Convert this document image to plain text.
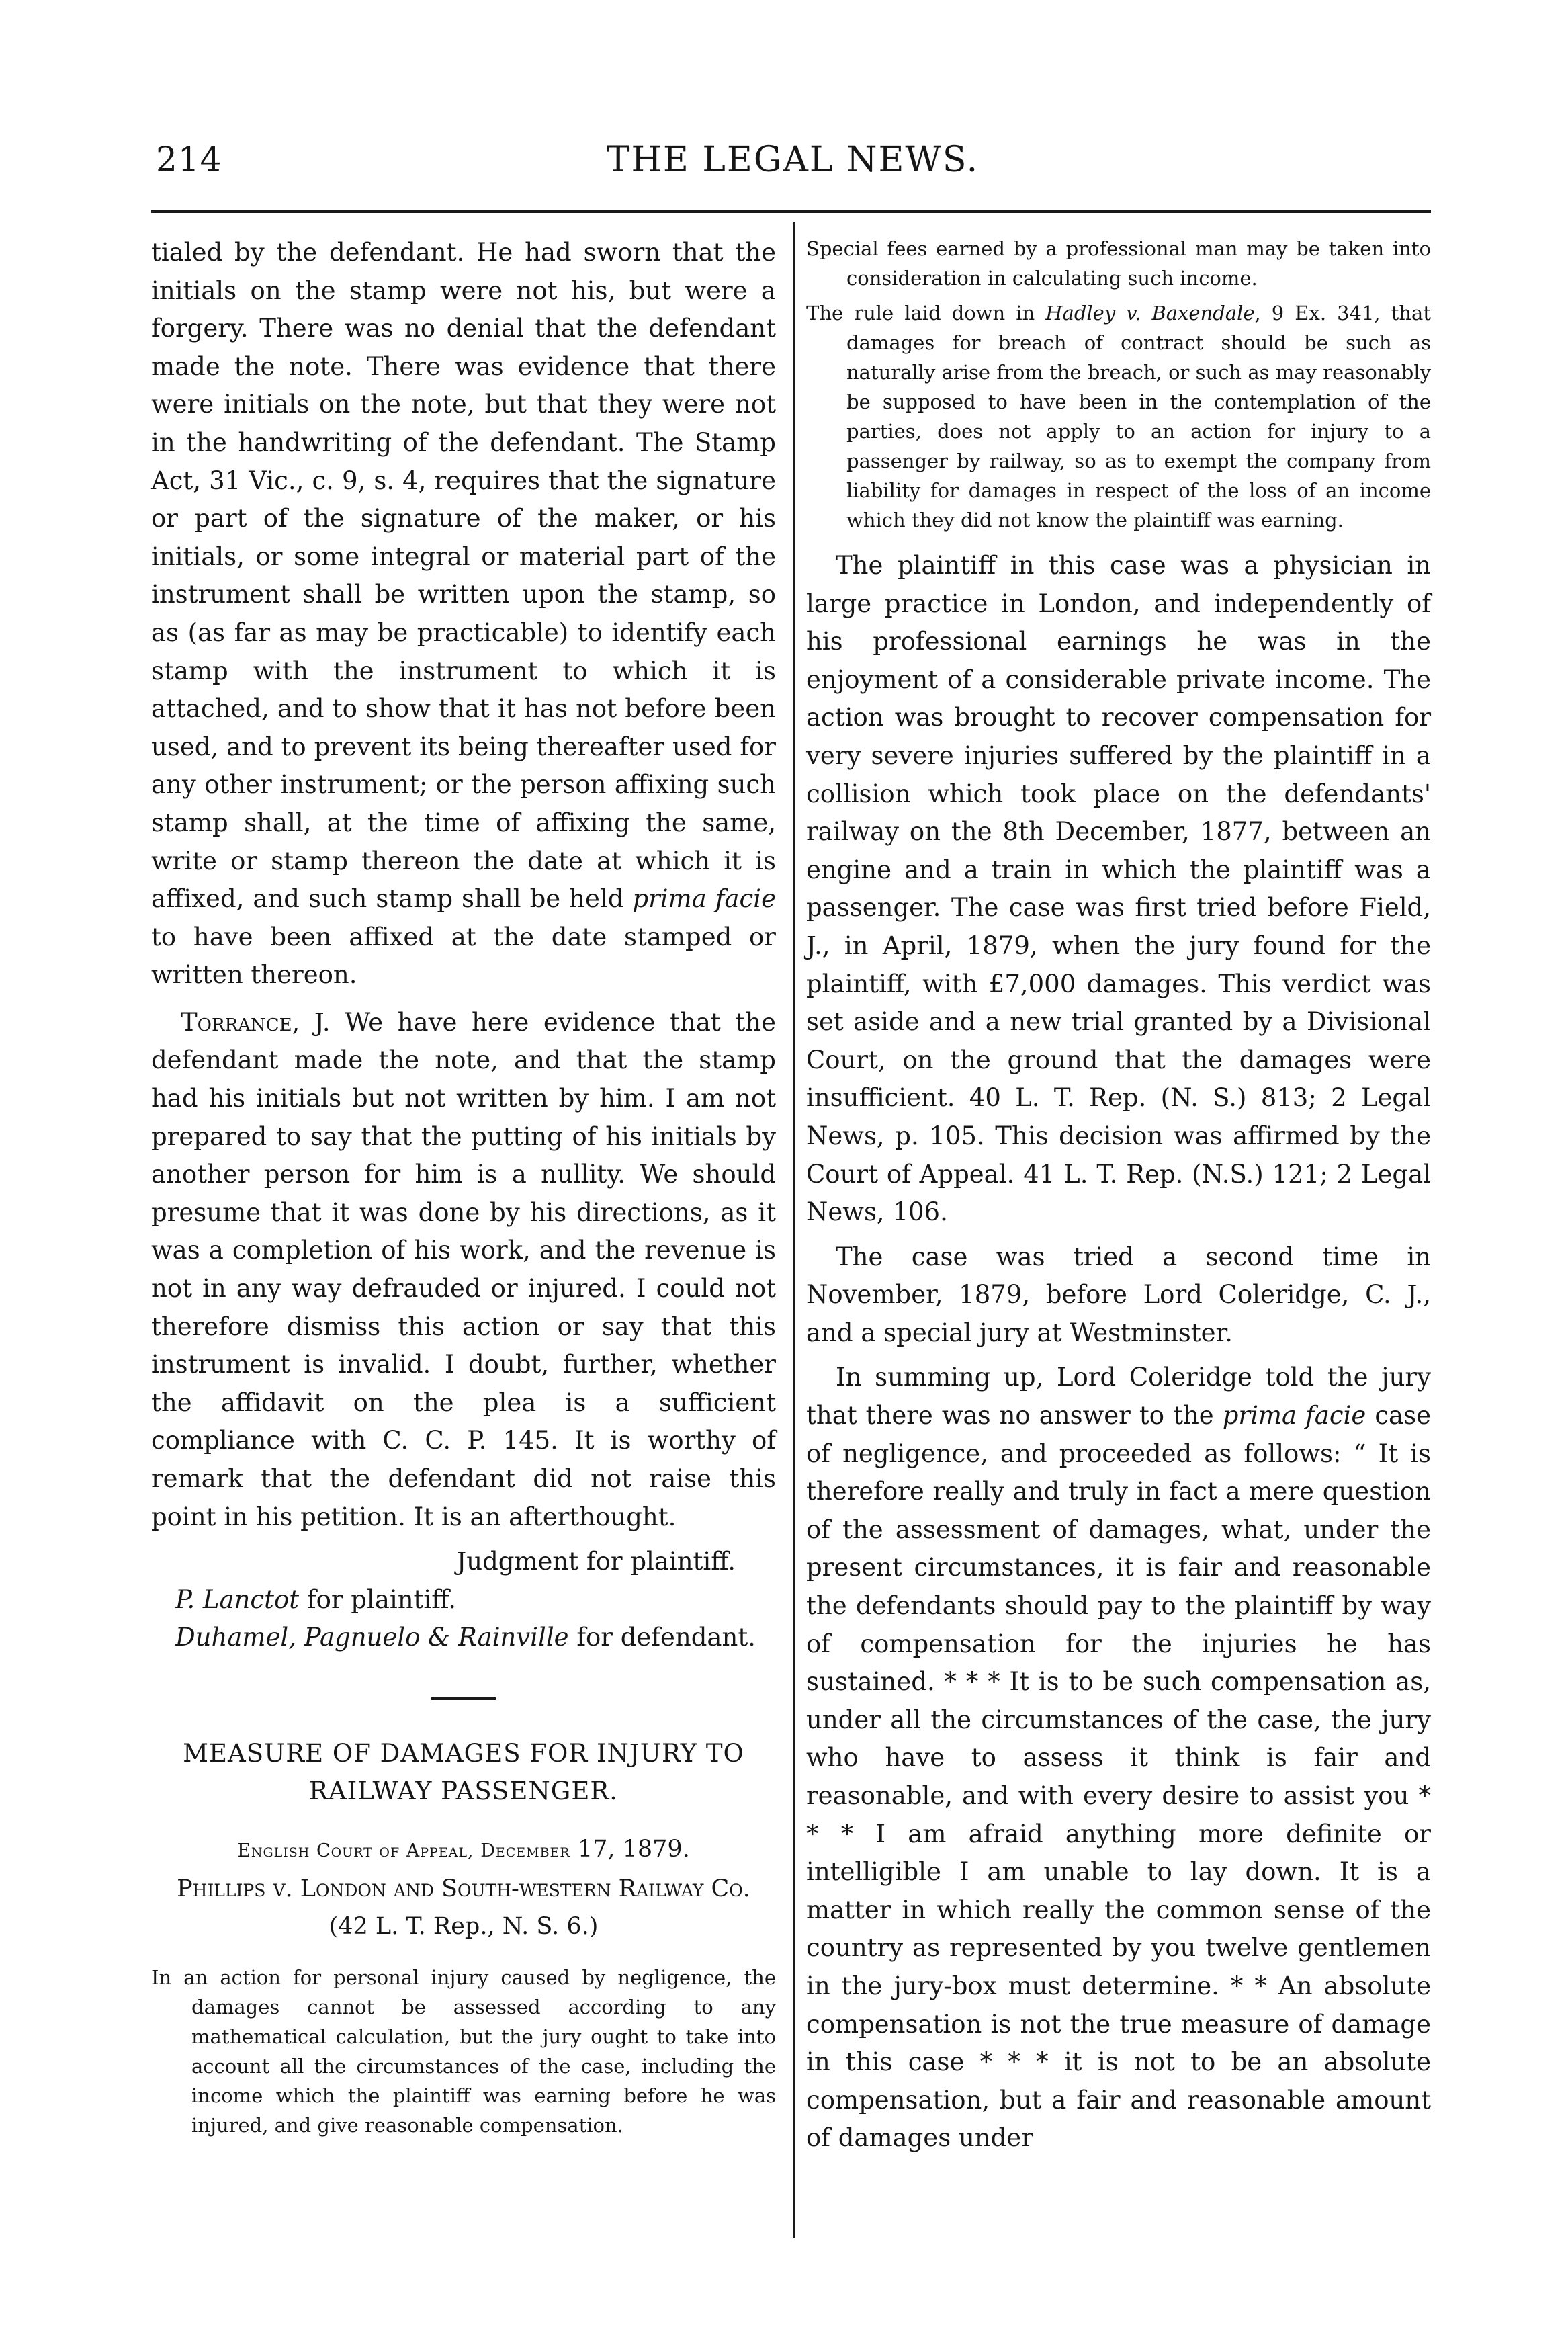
214	THE LEGAL NEWS.

tialed by the defendant. He had sworn that the initials on the stamp were not his, but were a forgery. There was no denial that the defendant made the note. There was evidence that there were initials on the note, but that they were not in the handwriting of the defendant. The Stamp Act, 31 Vic., c. 9, s. 4, requires that the signature or part of the signature of the maker, or his initials, or some integral or material part of the instrument shall be written upon the stamp, so as (as far as may be practicable) to identify each stamp with the instrument to which it is attached, and to show that it has not before been used, and to prevent its being thereafter used for any other instrument; or the person affixing such stamp shall, at the time of affixing the same, write or stamp thereon the date at which it is affixed, and such stamp shall be held prima facie to have been affixed at the date stamped or written thereon.

Torrance, J. We have here evidence that the defendant made the note, and that the stamp had his initials but not written by him. I am not prepared to say that the putting of his initials by another person for him is a nullity. We should presume that it was done by his directions, as it was a completion of his work, and the revenue is not in any way defrauded or injured. I could not therefore dismiss this action or say that this instrument is invalid. I doubt, further, whether the affidavit on the plea is a sufficient compliance with C. C. P. 145. It is worthy of remark that the defendant did not raise this point in his petition. It is an afterthought.

Judgment for plaintiff.

P. Lanctot for plaintiff.

Duhamel, Pagnuelo & Rainville for defendant.

MEASURE OF DAMAGES FOR INJURY TO
RAILWAY PASSENGER.

English Court of Appeal, December 17, 1879.

Phillips v. London and South-western Railway Co. (42 L. T. Rep., N. S. 6.)

In an action for personal injury caused by negligence, the damages cannot be assessed according to any mathematical calculation, but the jury ought to take into account all the circumstances of the case, including the income which the plaintiff was earning before he was injured, and give reasonable compensation.

Special fees earned by a professional man may be taken into consideration in calculating such income.

The rule laid down in Hadley v. Baxendale, 9 Ex. 341, that damages for breach of contract should be such as naturally arise from the breach, or such as may reasonably be supposed to have been in the contemplation of the parties, does not apply to an action for injury to a passenger by railway, so as to exempt the company from liability for damages in respect of the loss of an income which they did not know the plaintiff was earning.

The plaintiff in this case was a physician in large practice in London, and independently of his professional earnings he was in the enjoyment of a considerable private income. The action was brought to recover compensation for very severe injuries suffered by the plaintiff in a collision which took place on the defendants' railway on the 8th December, 1877, between an engine and a train in which the plaintiff was a passenger. The case was first tried before Field, J., in April, 1879, when the jury found for the plaintiff, with £7,000 damages. This verdict was set aside and a new trial granted by a Divisional Court, on the ground that the damages were insufficient. 40 L. T. Rep. (N. S.) 813; 2 Legal News, p. 105. This decision was affirmed by the Court of Appeal. 41 L. T. Rep. (N.S.) 121; 2 Legal News, 106.

The case was tried a second time in November, 1879, before Lord Coleridge, C. J., and a special jury at Westminster.

In summing up, Lord Coleridge told the jury that there was no answer to the prima facie case of negligence, and proceeded as follows: “ It is therefore really and truly in fact a mere question of the assessment of damages, what, under the present circumstances, it is fair and reasonable the defendants should pay to the plaintiff by way of compensation for the injuries he has sustained. * * * It is to be such compensation as, under all the circumstances of the case, the jury who have to assess it think is fair and reasonable, and with every desire to assist you * * * I am afraid anything more definite or intelligible I am unable to lay down. It is a matter in which really the common sense of the country as represented by you twelve gentlemen in the jury-box must determine. * * An absolute compensation is not the true measure of damage in this case * * * it is not to be an absolute compensation, but a fair and reasonable amount of damages under
